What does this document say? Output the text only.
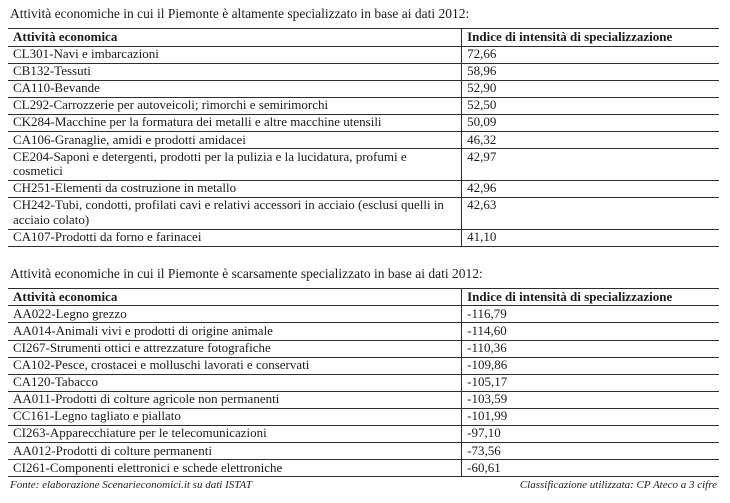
Attività economiche in cui il Piemonte è altamente specializzato in base ai dati 2012:
Attività economica	Indice di intensità di specializzazione
CL301-Navi e imbarcazioni	72,66
CB132-Tessuti	58,96
CA110-Bevande	52,90
CL292-Carrozzerie per autoveicoli; rimorchi e semirimorchi	52,50
CK284-Macchine per la formatura dei metalli e altre macchine utensili	50,09
CA106-Granaglie, amidi e prodotti amidacei	46,32
CE204-Saponi e detergenti, prodotti per la pulizia e la lucidatura, profumi e cosmetici	42,97
CH251-Elementi da costruzione in metallo	42,96
CH242-Tubi, condotti, profilati cavi e relativi accessori in acciaio (esclusi quelli in acciaio colato)	42,63
CA107-Prodotti da forno e farinacei	41,10
Attività economiche in cui il Piemonte è scarsamente specializzato in base ai dati 2012:
Attività economica	Indice di intensità di specializzazione
AA022-Legno grezzo	-116,79
AA014-Animali vivi e prodotti di origine animale	-114,60
CI267-Strumenti ottici e attrezzature fotografiche	-110,36
CA102-Pesce, crostacei e molluschi lavorati e conservati	-109,86
CA120-Tabacco	-105,17
AA011-Prodotti di colture agricole non permanenti	-103,59
CC161-Legno tagliato e piallato	-101,99
CI263-Apparecchiature per le telecomunicazioni	-97,10
AA012-Prodotti di colture permanenti	-73,56
CI261-Componenti elettronici e schede elettroniche	-60,61
Fonte: elaborazione Scenarieconomici.it su dati ISTAT	Classificazione utilizzata: CP Ateco a 3 cifre
